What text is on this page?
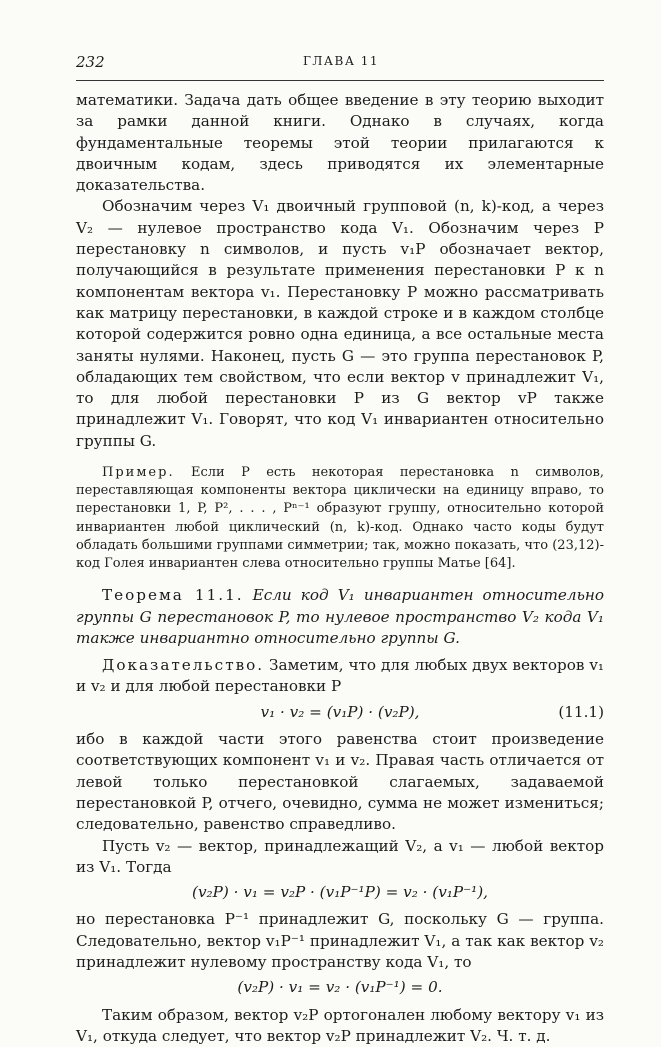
232	ГЛАВА 11

математики. Задача дать общее введение в эту теорию выходит за рамки данной книги. Однако в случаях, когда фундаментальные теоремы этой теории прилагаются к двоичным кодам, здесь приводятся их элементарные доказательства.

Обозначим через V₁ двоичный групповой (n, k)-код, а через V₂ — нулевое пространство кода V₁. Обозначим через P перестановку n символов, и пусть v₁P обозначает вектор, получающийся в результате применения перестановки P к n компонентам вектора v₁. Перестановку P можно рассматривать как матрицу перестановки, в каждой строке и в каждом столбце которой содержится ровно одна единица, а все остальные места заняты нулями. Наконец, пусть G — это группа перестановок P, обладающих тем свойством, что если вектор v принадлежит V₁, то для любой перестановки P из G вектор vP также принадлежит V₁. Говорят, что код V₁ инвариантен относительно группы G.

Пример. Если P есть некоторая перестановка n символов, переставляющая компоненты вектора циклически на единицу вправо, то перестановки 1, P, P², . . . , Pⁿ⁻¹ образуют группу, относительно которой инвариантен любой циклический (n, k)-код. Однако часто коды будут обладать большими группами симметрии; так, можно показать, что (23,12)-код Голея инвариантен слева относительно группы Матье [64].

Теорема 11.1. Если код V₁ инвариантен относительно группы G перестановок P, то нулевое пространство V₂ кода V₁ также инвариантно относительно группы G.

Доказательство. Заметим, что для любых двух векторов v₁ и v₂ и для любой перестановки P

v₁ · v₂ = (v₁P) · (v₂P),	(11.1)

ибо в каждой части этого равенства стоит произведение соответствующих компонент v₁ и v₂. Правая часть отличается от левой только перестановкой слагаемых, задаваемой перестановкой P, отчего, очевидно, сумма не может измениться; следовательно, равенство справедливо.

Пусть v₂ — вектор, принадлежащий V₂, а v₁ — любой вектор из V₁. Тогда

(v₂P) · v₁ = v₂P · (v₁P⁻¹P) = v₂ · (v₁P⁻¹),

но перестановка P⁻¹ принадлежит G, поскольку G — группа. Следовательно, вектор v₁P⁻¹ принадлежит V₁, а так как вектор v₂ принадлежит нулевому пространству кода V₁, то

(v₂P) · v₁ = v₂ · (v₁P⁻¹) = 0.

Таким образом, вектор v₂P ортогонален любому вектору v₁ из V₁, откуда следует, что вектор v₂P принадлежит V₂. Ч. т. д.
